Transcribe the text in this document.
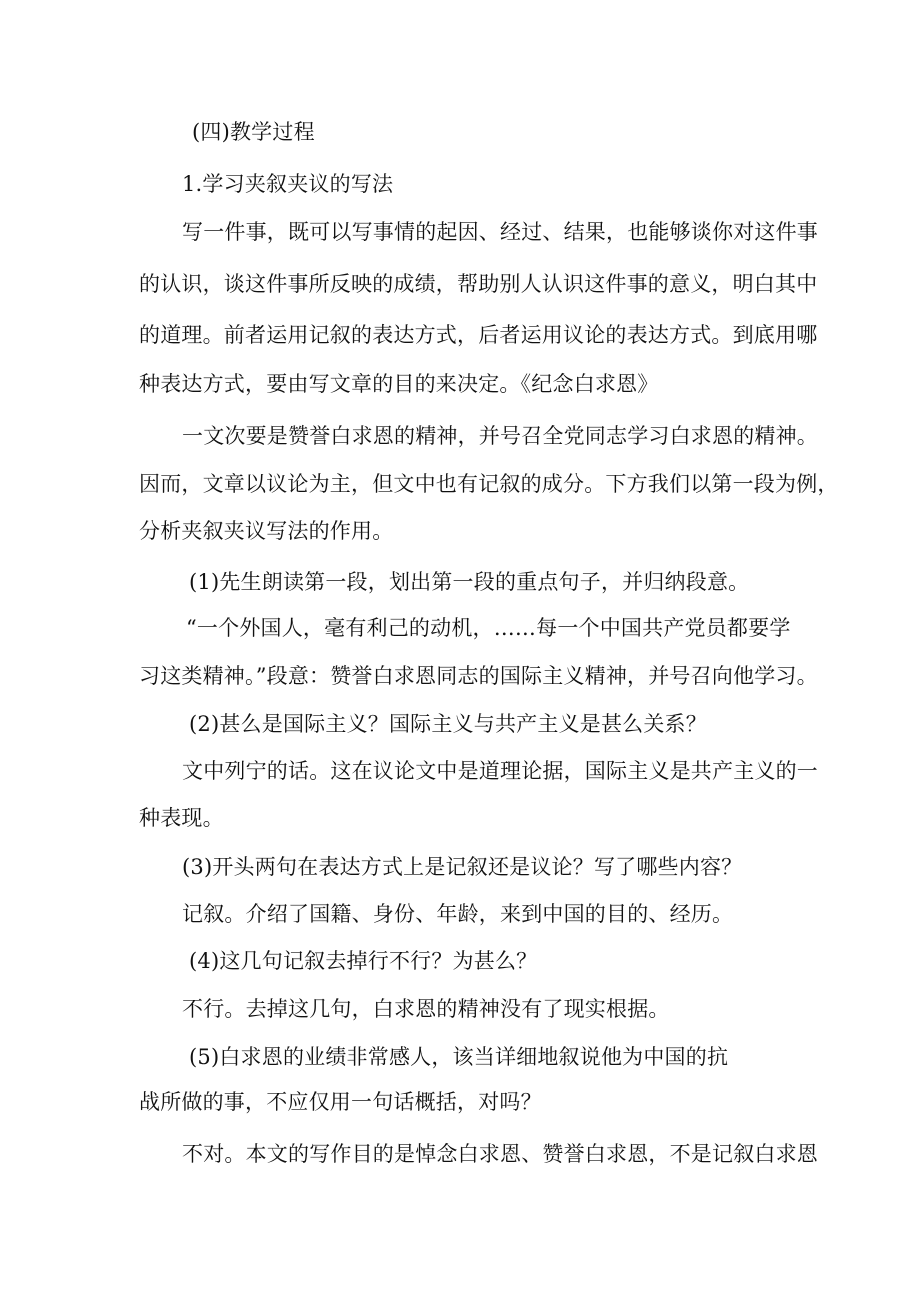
(四)教学过程
1.学习夹叙夹议的写法
写一件事，既可以写事情的起因、经过、结果，也能够谈你对这件事
的认识，谈这件事所反映的成绩，帮助别人认识这件事的意义，明白其中
的道理。前者运用记叙的表达方式，后者运用议论的表达方式。到底用哪
种表达方式，要由写文章的目的来决定。《纪念白求恩》
一文次要是赞誉白求恩的精神，并号召全党同志学习白求恩的精神。
因而，文章以议论为主，但文中也有记叙的成分。下方我们以第一段为例，
分析夹叙夹议写法的作用。
(1)先生朗读第一段，划出第一段的重点句子，并归纳段意。
“一个外国人，毫有利己的动机，……每一个中国共产党员都要学
习这类精神。”段意：赞誉白求恩同志的国际主义精神，并号召向他学习。
(2)甚么是国际主义？国际主义与共产主义是甚么关系？
文中列宁的话。这在议论文中是道理论据，国际主义是共产主义的一
种表现。
(3)开头两句在表达方式上是记叙还是议论？写了哪些内容？
记叙。介绍了国籍、身份、年龄，来到中国的目的、经历。
(4)这几句记叙去掉行不行？为甚么？
不行。去掉这几句，白求恩的精神没有了现实根据。
(5)白求恩的业绩非常感人，该当详细地叙说他为中国的抗
战所做的事，不应仅用一句话概括，对吗？
不对。本文的写作目的是悼念白求恩、赞誉白求恩，不是记叙白求恩
